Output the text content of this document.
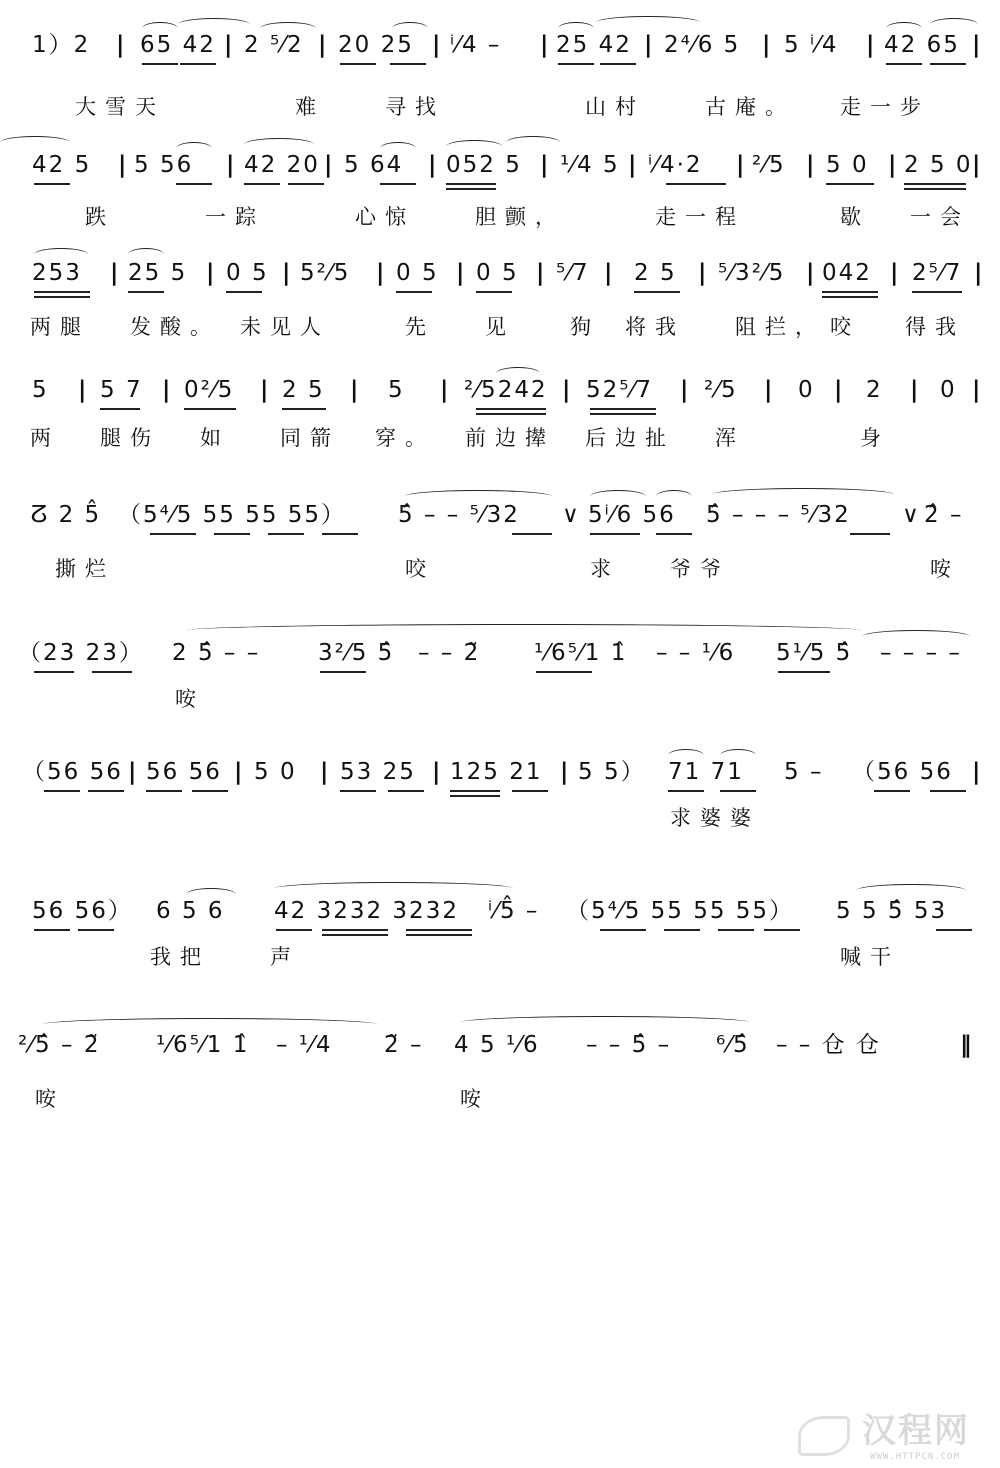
1）2 | 65 42 | 2 ⁵⁄2 | 20 25 | ⁱ⁄4 – | 25 42 | 2⁴⁄6 5 | 5 ⁱ⁄4 | 42 65 |
大雪天	难	寻找	山村	古庵。 走一步
42 5 | 5 56 | 42 20 | 5 64 | 052 5 | ¹⁄4 5 | ⁱ⁄4·2 | ²⁄5 | 5 0 | 2 5 0 |
跌	一踪	心惊	胆颤，	走一程	歇 一会
253 | 25 5 | 0 5 | 5²⁄5 | 0 5 | 0 5 | ⁵⁄7 | 2 5 | ⁵⁄3²⁄5 | 042 | 2⁵⁄7 |
两腿 发酸。 未见人	先 见	狗 将我 阻拦， 咬 得我
5 | 5 7 | 0²⁄5 | 2 5 | 5 | ²⁄5242 | 52⁵⁄7 | ²⁄5 | 0 | 2 | 0 |
两 腿伤 如 同箭 穿。 前边撵 后边扯 浑	身
ⵒ 2 5̂ （5⁴⁄5 55 55 55） 5̂ – – ⁵⁄32 ∨ 5ⁱ⁄6 56 5̂ – – – ⁵⁄32 ∨ 2̂ –
撕烂	咬	求 爷爷	咹
（23 23） 2 5̂ – –	3²⁄5 5̂ – – 2̃ ¹⁄6⁵⁄1 1̂ – – ¹⁄6 5¹⁄5 5̂ – – – –
咹
（56 56 | 56 56 | 5 0 | 53 25 | 125 21 | 5 5） 71 71 5 – （56 56 |
求婆婆
56 56） 6 5 6 42 3232 3232 ⁱ⁄5̂ – （5⁴⁄5 55 55 55） 5 5 5̂ 53
我把	声	喊干
²⁄5̂ – 2̃ ¹⁄6⁵⁄1 1̂ – ¹⁄4 2̃ – 4 5 ¹⁄6 – – 5̂ – ⁶⁄5̂ – – 仓 仓	‖
咹	咹
汉程网
WWW.HTTPCN.COM
